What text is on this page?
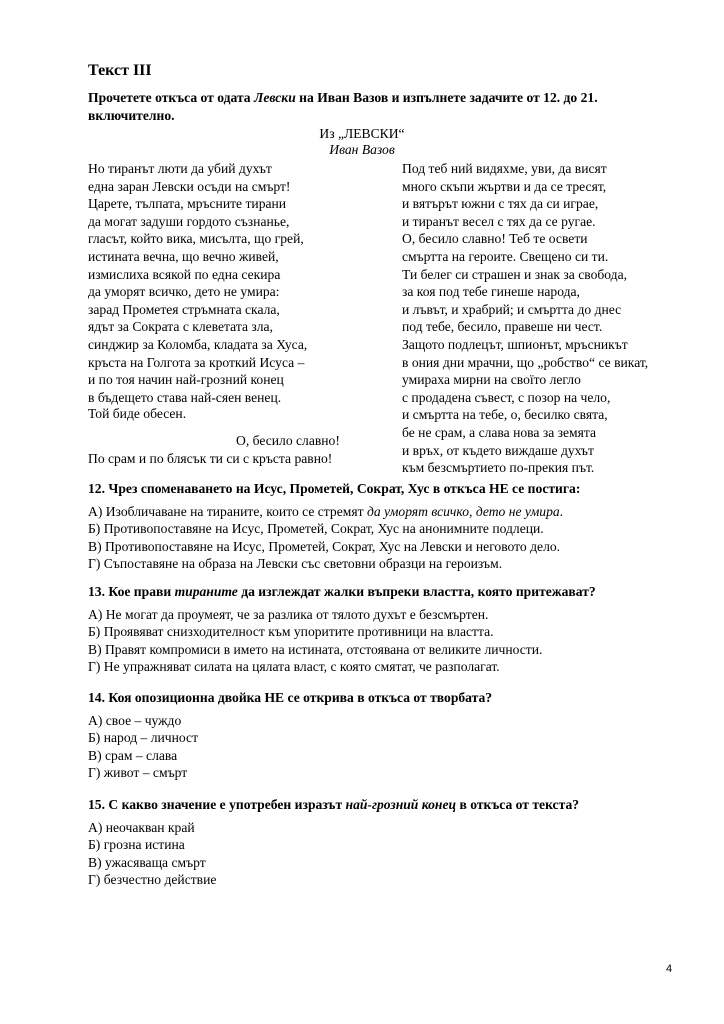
Текст III
Прочетете откъса от одата Левски на Иван Вазов и изпълнете задачите от 12. до 21. включително.
Из „ЛЕВСКИ“
Иван Вазов
Но тиранът люти да убий духът
една заран Левски осъди на смърт!
Царете, тълпата, мръсните тирани
да могат задуши гордото съзнанье,
гласът, който вика, мисълта, що грей,
истината вечна, що вечно живей,
измислиха всякой по една секира
да уморят всичко, дето не умира:
зарад Прометея стръмната скала,
ядът за Сократа с клеветата зла,
синджир за Коломба, кладата за Хуса,
кръста на Голгота за кроткий Исуса –
и по тоя начин най-грозний конец
в бъдещето става най-сяен венец.
Под теб ний видяхме, уви, да висят
много скъпи жъртви и да се тресят,
и вятърът южни с тях да си играе,
и тиранът весел с тях да се ругае.
О, бесило славно! Теб те освети
смъртта на героите. Свещено си ти.
Ти белег си страшен и знак за свобода,
за коя под тебе гинеше народа,
и лъвът, и храбрий; и смъртта до днес
под тебе, бесило, правеше ни чест.
Защото подлецът, шпионът, мръсникът
в ония дни мрачни, що „робство“ се викат,
умираха мирни на своїто легло
с продадена съвест, с позор на чело,
и смъртта на тебе, о, бесилко свята,
бе не срам, а слава нова за земята
и връх, от където виждаше духът
към безсмъртието по-прекия път.
Той биде обесен.
О, бесило славно!
По срам и по блясък ти си с кръста равно!
12. Чрез споменаването на Исус, Прометей, Сократ, Хус в откъса НЕ се постига:
А) Изобличаване на тираните, които се стремят да уморят всичко, дето не умира.
Б) Противопоставяне на Исус, Прометей, Сократ, Хус на анонимните подлеци.
В) Противопоставяне на Исус, Прометей, Сократ, Хус на Левски и неговото дело.
Г) Съпоставяне на образа на Левски със световни образци на героизъм.
13. Кое прави тираните да изглеждат жалки въпреки властта, която притежават?
А) Не могат да проумеят, че за разлика от тялото духът е безсмъртен.
Б) Проявяват снизходителност към упоритите противници на властта.
В) Правят компромиси в името на истината, отстоявана от великите личности.
Г) Не упражняват силата на цялата власт, с която смятат, че разполагат.
14. Коя опозиционна двойка НЕ се открива в откъса от творбата?
А) свое – чуждо
Б) народ – личност
В) срам – слава
Г) живот – смърт
15. С какво значение е употребен изразът най-грозний конец в откъса от текста?
А) неочакван край
Б) грозна истина
В) ужасяваща смърт
Г) безчестно действие
4
